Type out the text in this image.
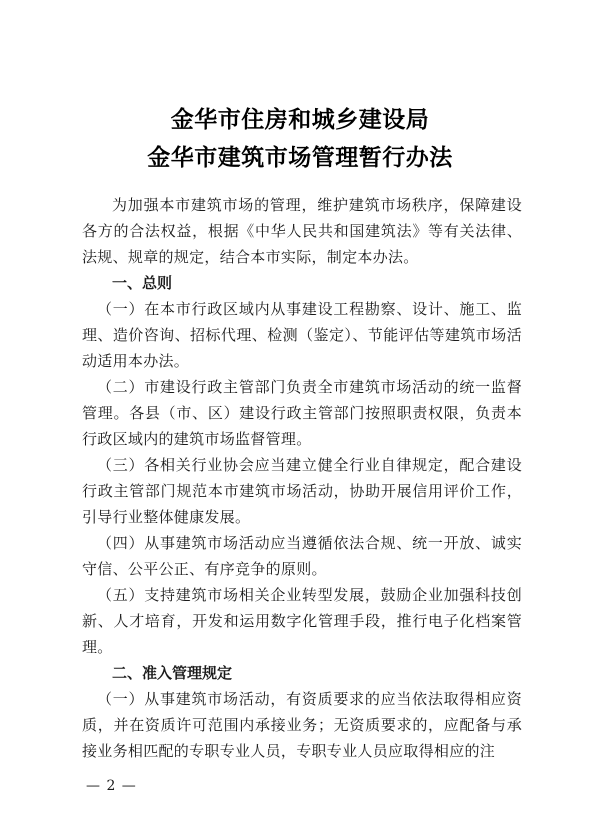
金华市住房和城乡建设局
金华市建筑市场管理暂行办法

为加强本市建筑市场的管理，维护建筑市场秩序，保障建设各方的合法权益，根据《中华人民共和国建筑法》等有关法律、法规、规章的规定，结合本市实际，制定本办法。

一、总则

（一）在本市行政区域内从事建设工程勘察、设计、施工、监理、造价咨询、招标代理、检测（鉴定）、节能评估等建筑市场活动适用本办法。

（二）市建设行政主管部门负责全市建筑市场活动的统一监督管理。各县（市、区）建设行政主管部门按照职责权限，负责本行政区域内的建筑市场监督管理。

（三）各相关行业协会应当建立健全行业自律规定，配合建设行政主管部门规范本市建筑市场活动，协助开展信用评价工作，引导行业整体健康发展。

（四）从事建筑市场活动应当遵循依法合规、统一开放、诚实守信、公平公正、有序竞争的原则。

（五）支持建筑市场相关企业转型发展，鼓励企业加强科技创新、人才培育，开发和运用数字化管理手段，推行电子化档案管理。

二、准入管理规定

（一）从事建筑市场活动，有资质要求的应当依法取得相应资质，并在资质许可范围内承接业务；无资质要求的，应配备与承接业务相匹配的专职专业人员，专职专业人员应取得相应的注

— 2 —
